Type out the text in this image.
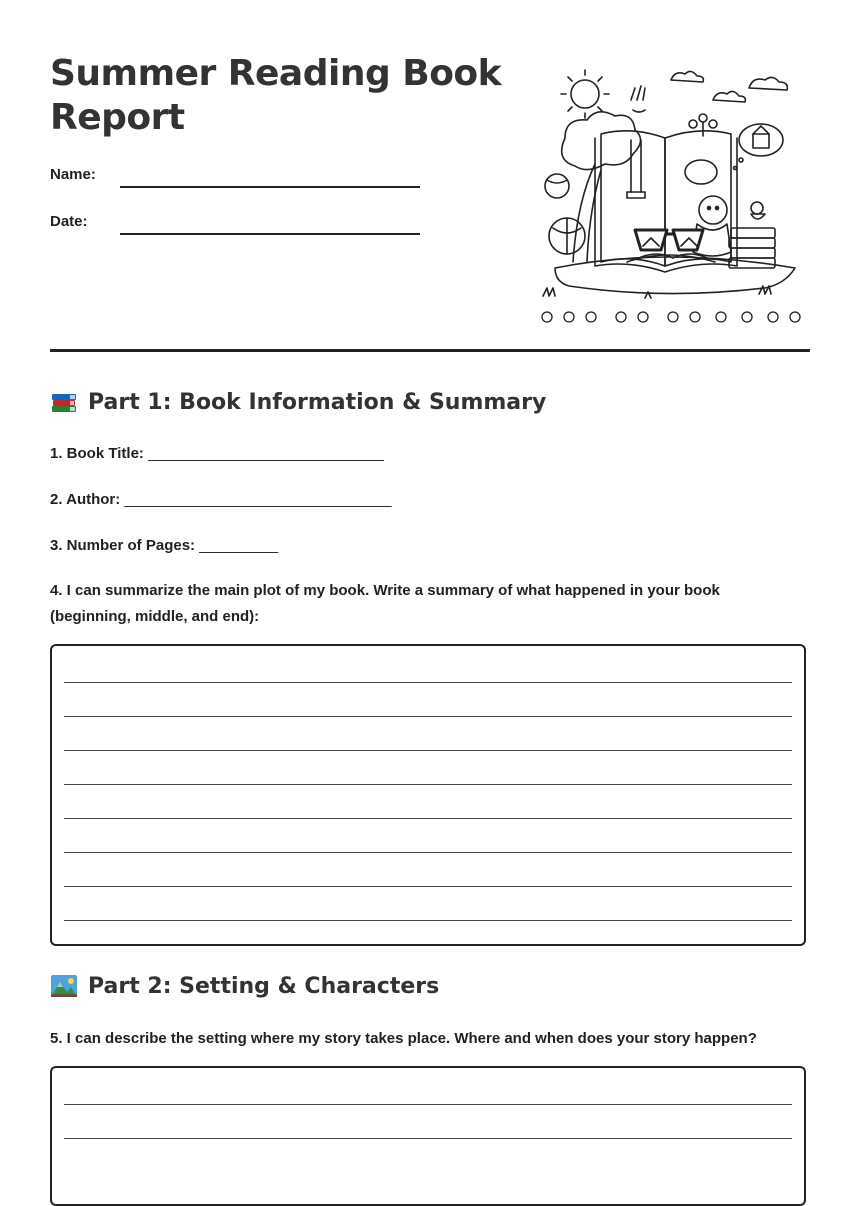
Summer Reading Book Report
Name:
Date:
Part 1: Book Information & Summary
1. Book Title: ______________________________
2. Author: __________________________________
3. Number of Pages: __________
4. I can summarize the main plot of my book. Write a summary of what happened in your book (beginning, middle, and end):
Part 2: Setting & Characters
5. I can describe the setting where my story takes place. Where and when does your story happen?
